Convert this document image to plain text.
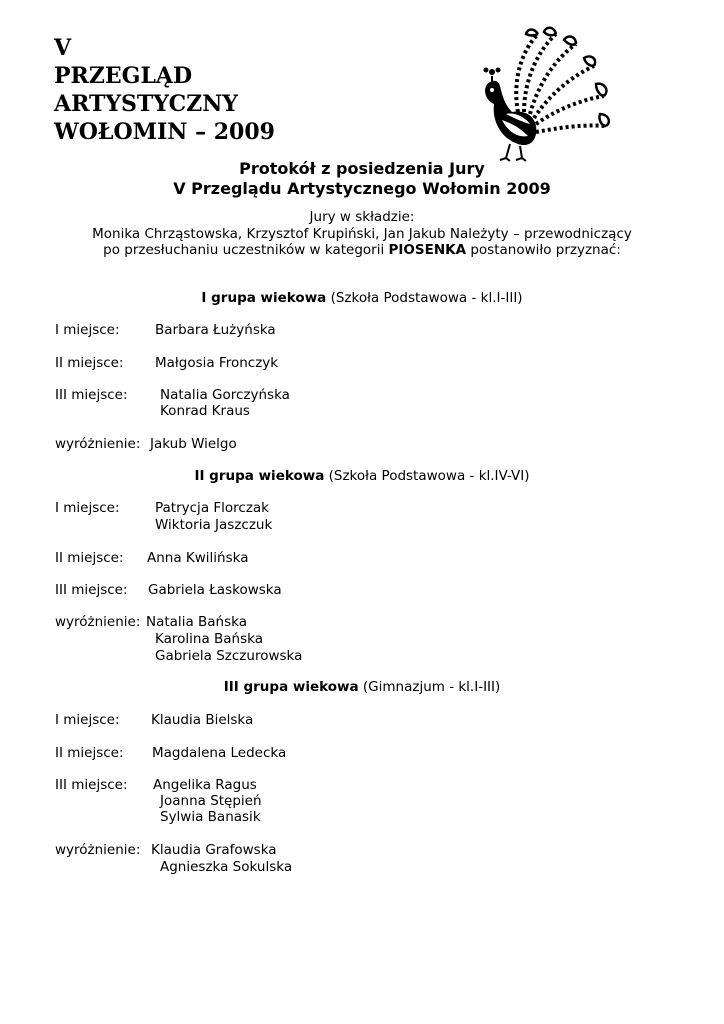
V
PRZEGLĄD
ARTYSTYCZNY
WOŁOMIN – 2009
Protokół z posiedzenia Jury
V Przeglądu Artystycznego Wołomin 2009
Jury w składzie:
Monika Chrząstowska, Krzysztof Krupiński, Jan Jakub Należyty – przewodniczący
po przesłuchaniu uczestników w kategorii PIOSENKA postanowiło przyznać:
I grupa wiekowa (Szkoła Podstawowa - kl.I-III)
I miejsce:	Barbara Łużyńska
II miejsce: Małgosia Fronczyk
III miejsce: Natalia Gorczyńska
Konrad Kraus
wyróżnienie: Jakub Wielgo
II grupa wiekowa (Szkoła Podstawowa - kl.IV-VI)
I miejsce:	Patrycja Florczak
Wiktoria Jaszczuk
II miejsce: Anna Kwilińska
III miejsce: Gabriela Łaskowska
wyróżnienie: Natalia Bańska
Karolina Bańska
Gabriela Szczurowska
III grupa wiekowa (Gimnazjum - kl.I-III)
I miejsce: Klaudia Bielska
II miejsce: Magdalena Ledecka
III miejsce: Angelika Ragus
Joanna Stępień
Sylwia Banasik
wyróżnienie: Klaudia Grafowska
Agnieszka Sokulska
